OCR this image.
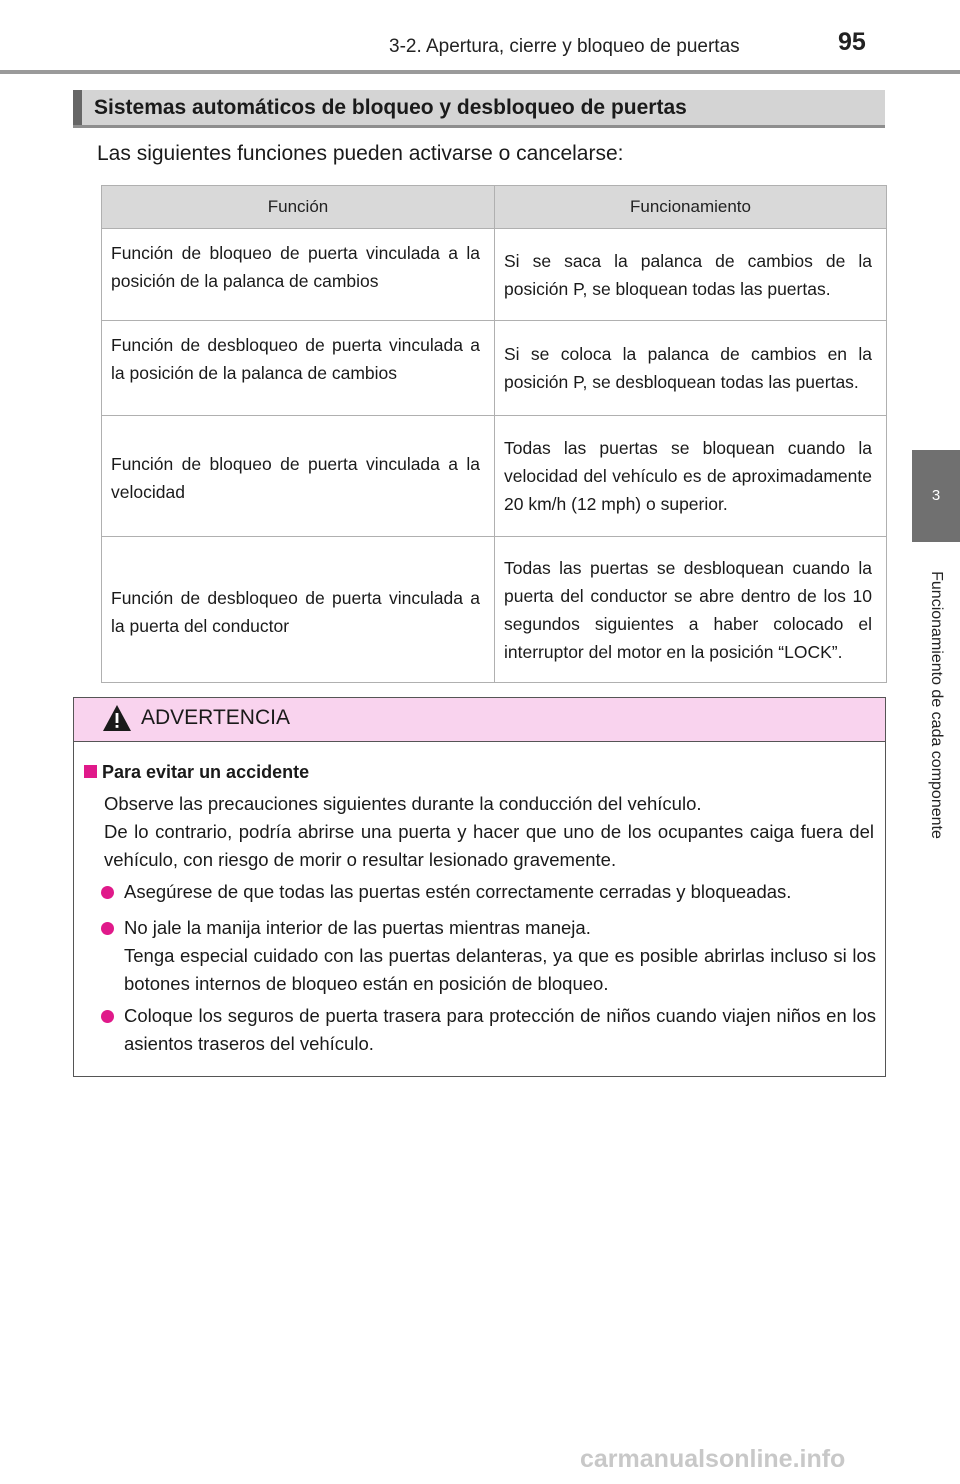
3-2. Apertura, cierre y bloqueo de puertas	95
3
Funcionamiento de cada componente
Sistemas automáticos de bloqueo y desbloqueo de puertas
Las siguientes funciones pueden activarse o cancelarse:
Función	Funcionamiento
Función de bloqueo de puerta vinculada a la posición de la palanca de cambios	Si se saca la palanca de cambios de la posición P, se bloquean todas las puertas.
Función de desbloqueo de puerta vinculada a la posición de la palanca de cambios	Si se coloca la palanca de cambios en la posición P, se desbloquean todas las puertas.
Función de bloqueo de puerta vinculada a la velocidad	Todas las puertas se bloquean cuando la velocidad del vehículo es de aproximadamente 20 km/h (12 mph) o superior.
Función de desbloqueo de puerta vinculada a la puerta del conductor	Todas las puertas se desbloquean cuando la puerta del conductor se abre dentro de los 10 segundos siguientes a haber colocado el interruptor del motor en la posición “LOCK”.
ADVERTENCIA
Para evitar un accidente
Observe las precauciones siguientes durante la conducción del vehículo.
De lo contrario, podría abrirse una puerta y hacer que uno de los ocupantes caiga fuera del vehículo, con riesgo de morir o resultar lesionado gravemente.
Asegúrese de que todas las puertas estén correctamente cerradas y bloqueadas.
No jale la manija interior de las puertas mientras maneja.
Tenga especial cuidado con las puertas delanteras, ya que es posible abrirlas incluso si los botones internos de bloqueo están en posición de bloqueo.
Coloque los seguros de puerta trasera para protección de niños cuando viajen niños en los asientos traseros del vehículo.
carmanualsonline.info
